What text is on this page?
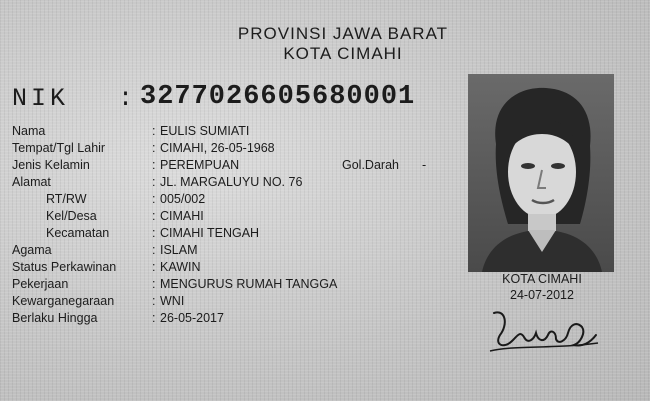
PROVINSI JAWA BARAT
KOTA CIMAHI
NIK : 3277026605680001
Nama	: EULIS SUMIATI
Tempat/Tgl Lahir	: CIMAHI, 26-05-1968
Jenis Kelamin	: PEREMPUAN	Gol.Darah -
Alamat	: JL. MARGALUYU NO. 76
RT/RW	: 005/002
Kel/Desa	: CIMAHI
Kecamatan	: CIMAHI TENGAH
Agama	: ISLAM
Status Perkawinan	: KAWIN
Pekerjaan	: MENGURUS RUMAH TANGGA
Kewarganegaraan	: WNI
Berlaku Hingga	: 26-05-2017
KOTA CIMAHI
24-07-2012
